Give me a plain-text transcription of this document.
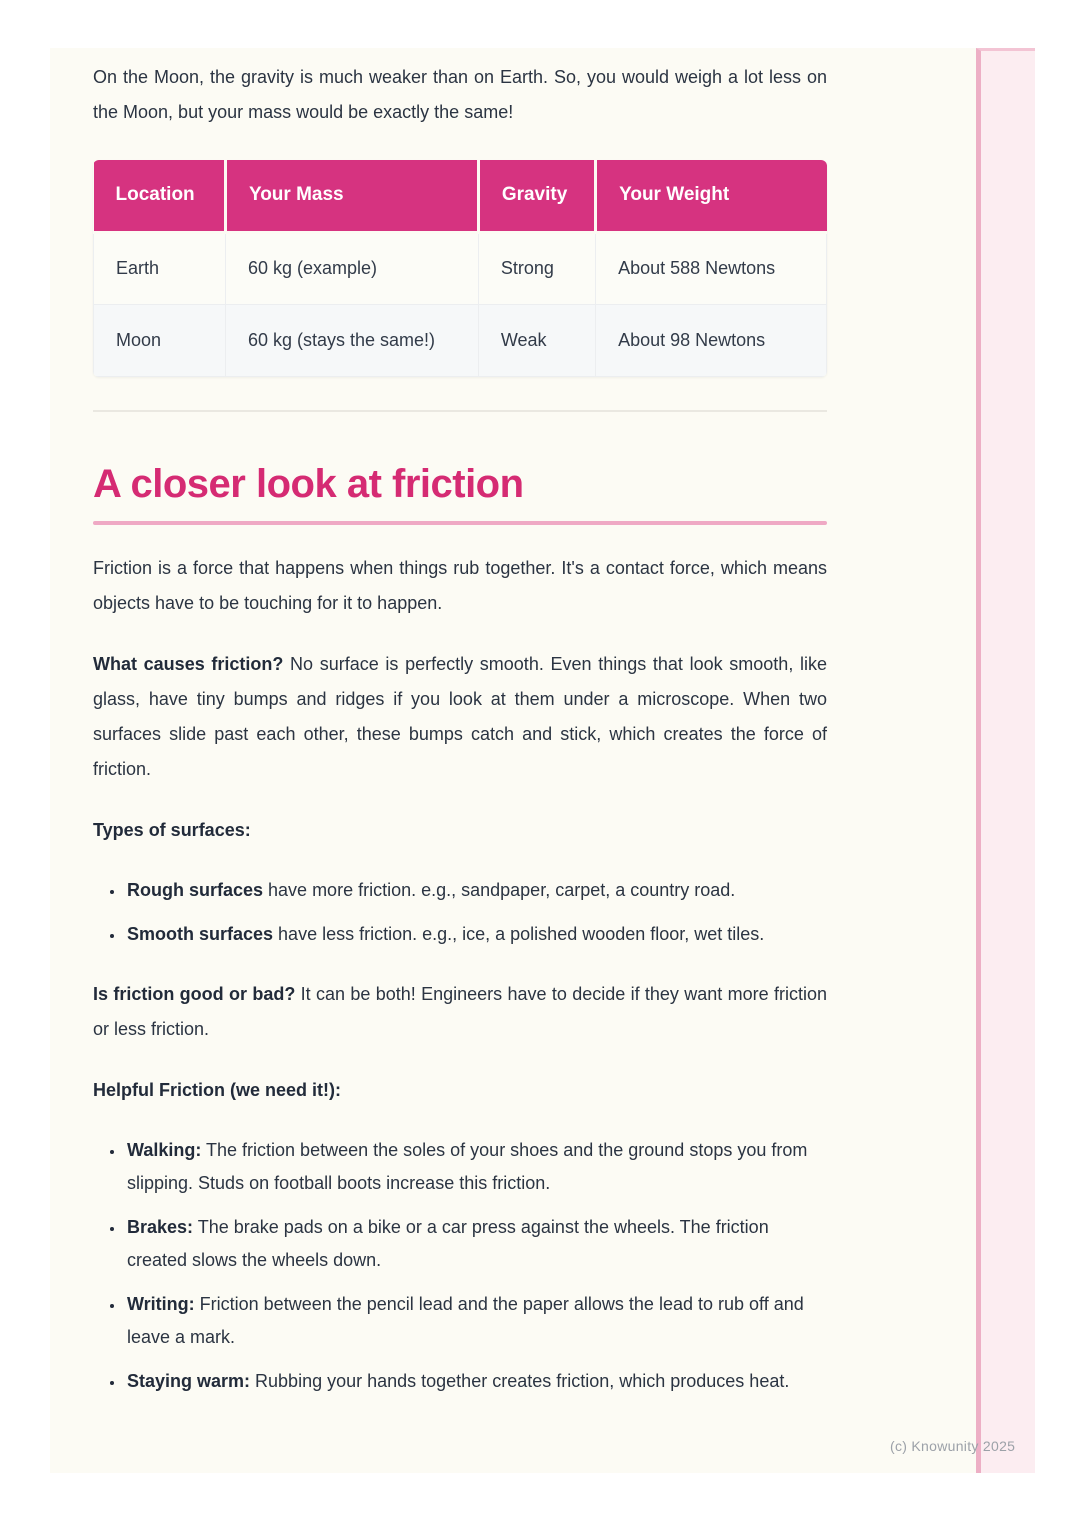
On the Moon, the gravity is much weaker than on Earth. So, you would weigh a lot less on the Moon, but your mass would be exactly the same!

Location	Your Mass	Gravity	Your Weight
Earth	60 kg (example)	Strong	About 588 Newtons
Moon	60 kg (stays the same!)	Weak	About 98 Newtons
A closer look at friction

Friction is a force that happens when things rub together. It's a contact force, which means objects have to be touching for it to happen.

What causes friction? No surface is perfectly smooth. Even things that look smooth, like glass, have tiny bumps and ridges if you look at them under a microscope. When two surfaces slide past each other, these bumps catch and stick, which creates the force of friction.

Types of surfaces:

• Rough surfaces have more friction. e.g., sandpaper, carpet, a country road.
• Smooth surfaces have less friction. e.g., ice, a polished wooden floor, wet tiles.

Is friction good or bad? It can be both! Engineers have to decide if they want more friction or less friction.

Helpful Friction (we need it!):

• Walking: The friction between the soles of your shoes and the ground stops you from slipping. Studs on football boots increase this friction.
• Brakes: The brake pads on a bike or a car press against the wheels. The friction created slows the wheels down.
• Writing: Friction between the pencil lead and the paper allows the lead to rub off and leave a mark.
• Staying warm: Rubbing your hands together creates friction, which produces heat.
(c) Knowunity 2025
